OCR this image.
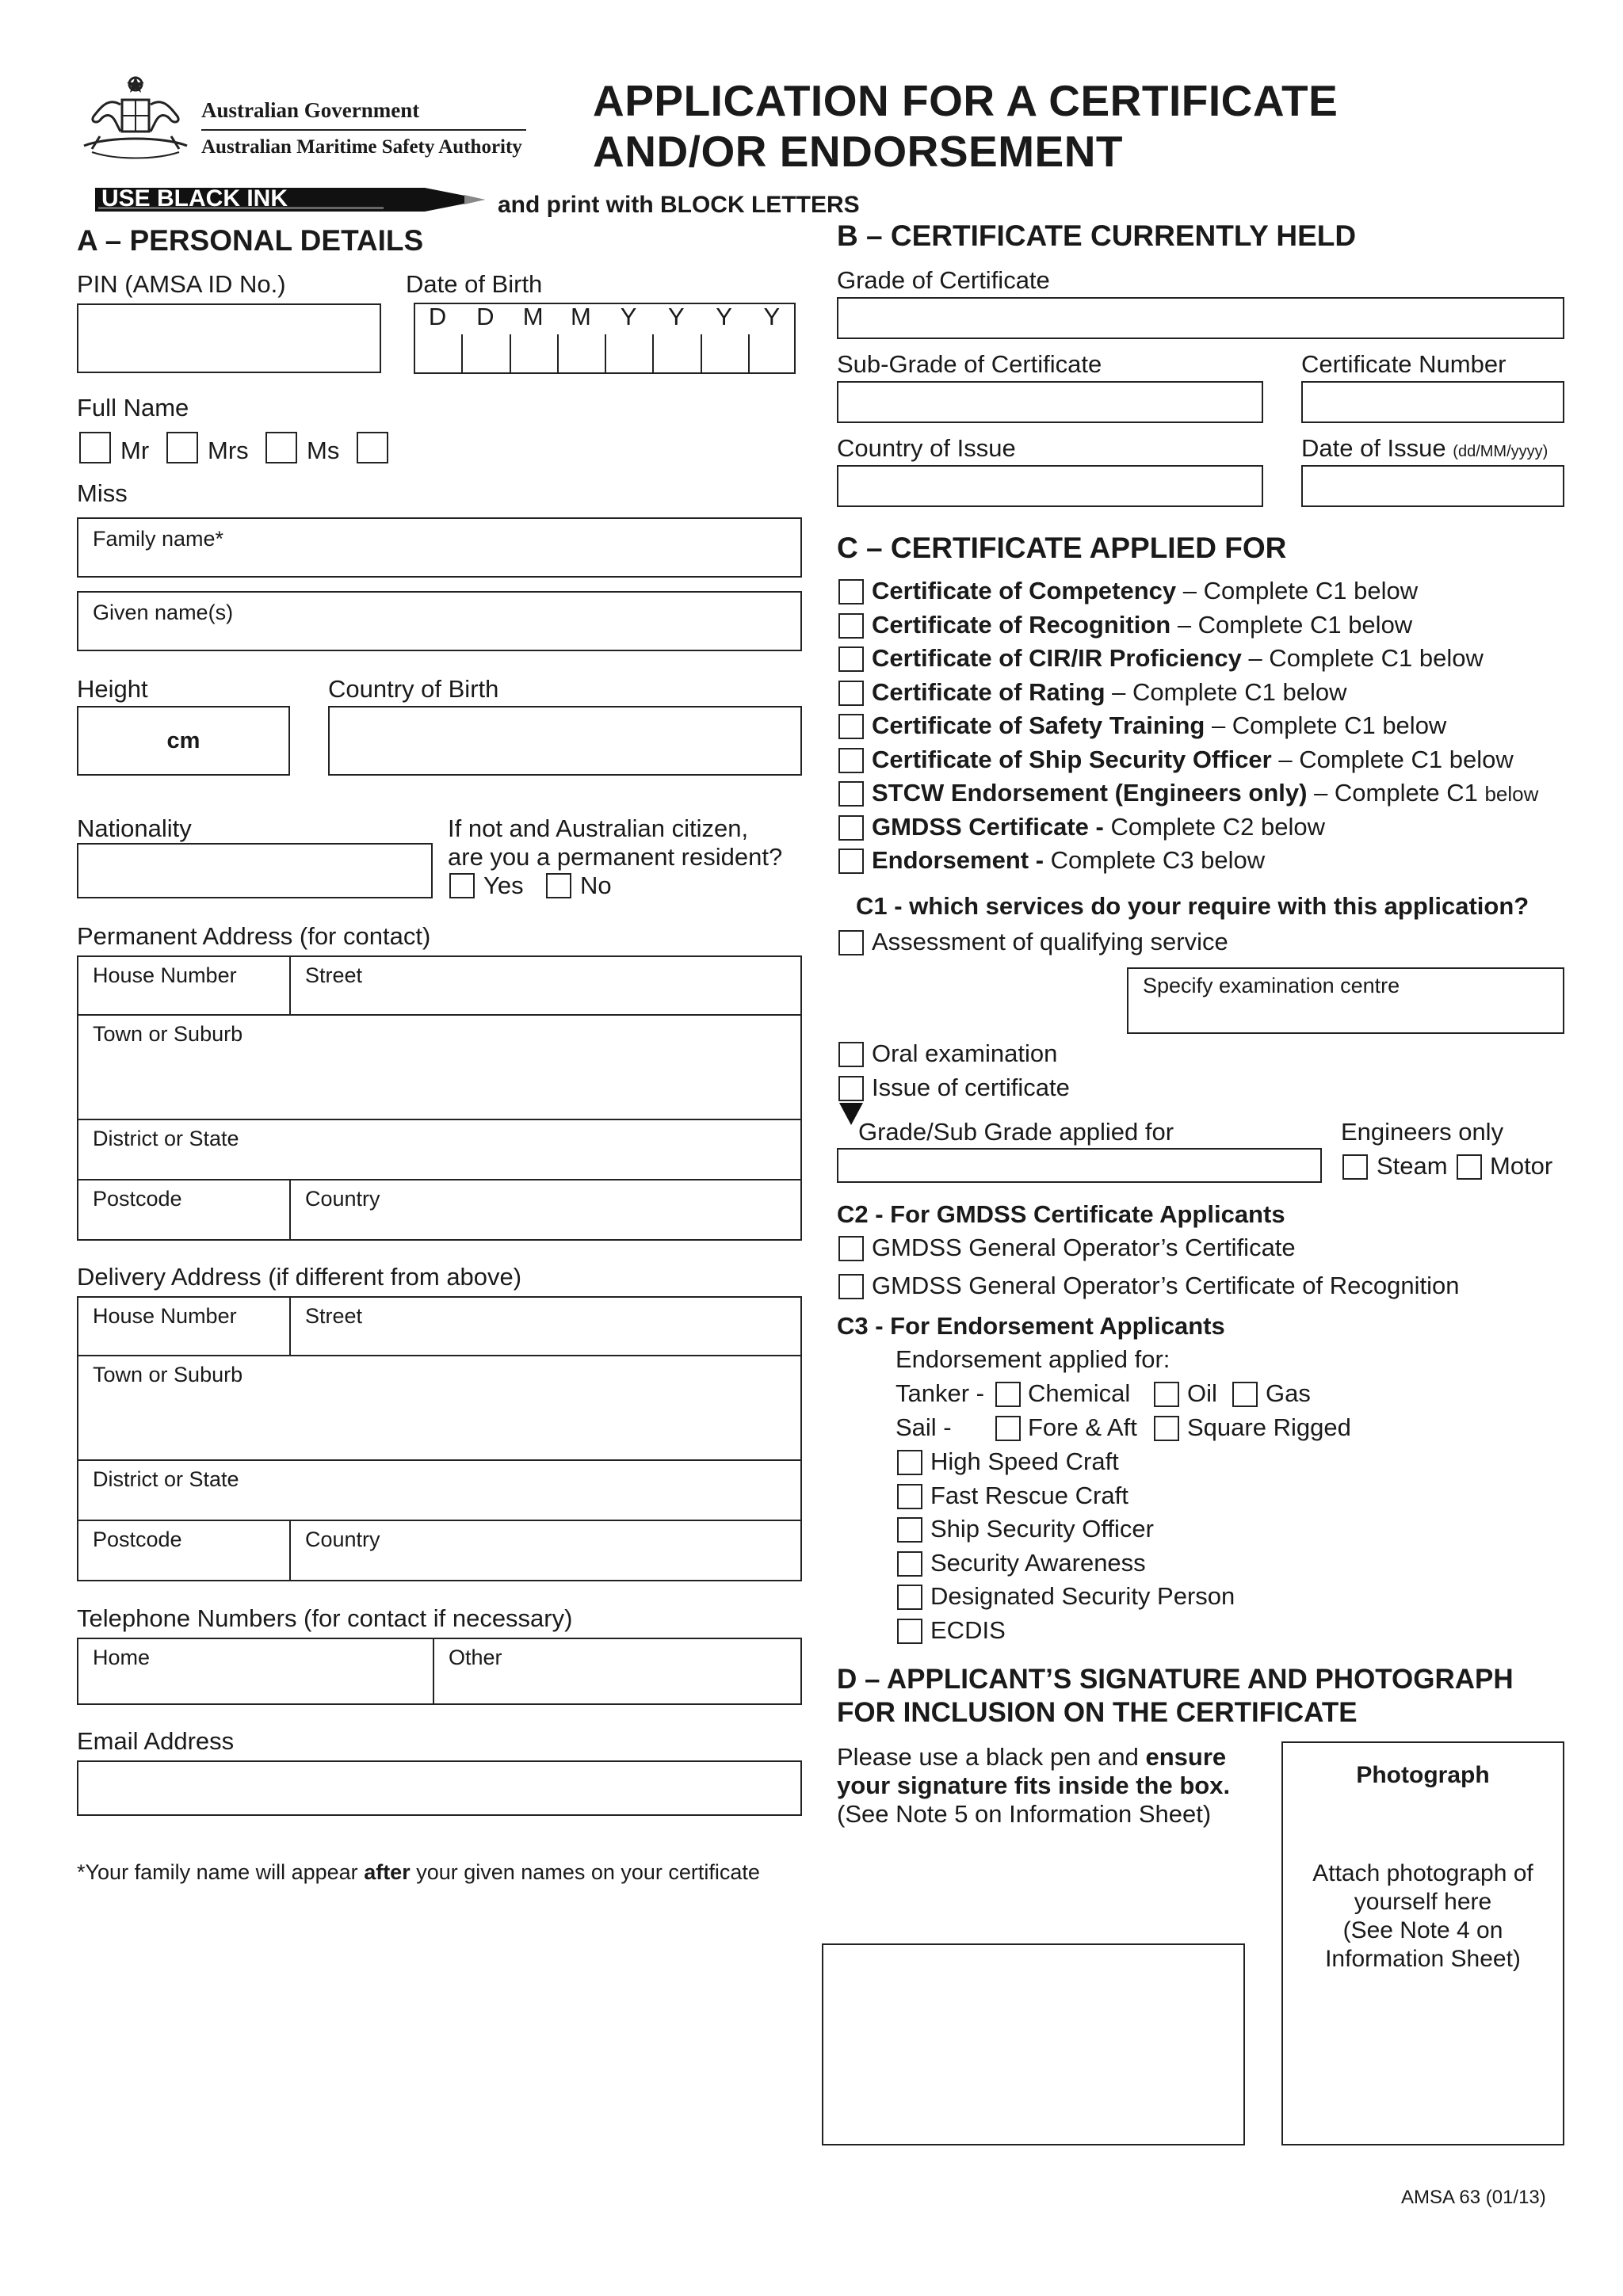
Australian Government
Australian Maritime Safety Authority
APPLICATION FOR A CERTIFICATE
AND/OR ENDORSEMENT
USE BLACK INK	and print with BLOCK LETTERS
A – PERSONAL DETAILS
PIN (AMSA ID No.)	Date of Birth
D	D	M	M	Y	Y	Y	Y
Full Name
Mr Mrs Ms
Miss
Family name*
Given name(s)
Height
cm
Country of Birth
Nationality	If not and Australian citizen,
are you a permanent resident?
Yes No
Permanent Address (for contact)
House Number	Street
Town or Suburb
District or State
Postcode	Country
Delivery Address (if different from above)
House Number	Street
Town or Suburb
District or State
Postcode	Country
Telephone Numbers (for contact if necessary)
Home	Other
Email Address
*Your family name will appear after your given names on your certificate
B – CERTIFICATE CURRENTLY HELD
Grade of Certificate
Sub-Grade of Certificate	Certificate Number
Country of Issue	Date of Issue (dd/MM/yyyy)
C – CERTIFICATE APPLIED FOR
Certificate of Competency – Complete C1 below
Certificate of Recognition – Complete C1 below
Certificate of CIR/IR Proficiency – Complete C1 below
Certificate of Rating – Complete C1 below
Certificate of Safety Training – Complete C1 below
Certificate of Ship Security Officer – Complete C1 below
STCW Endorsement (Engineers only) – Complete C1 below
GMDSS Certificate - Complete C2 below
Endorsement - Complete C3 below
C1 - which services do your require with this application?
Assessment of qualifying service
Specify examination centre
Oral examination
Issue of certificate
Grade/Sub Grade applied for	Engineers only
Steam Motor
C2 - For GMDSS Certificate Applicants
GMDSS General Operator’s Certificate
GMDSS General Operator’s Certificate of Recognition
C3 - For Endorsement Applicants
Endorsement applied for:
Tanker - Chemical Oil Gas
Sail -	Fore & Aft Square Rigged
High Speed Craft
Fast Rescue Craft
Ship Security Officer
Security Awareness
Designated Security Person
ECDIS
D – APPLICANT’S SIGNATURE AND PHOTOGRAPH
FOR INCLUSION ON THE CERTIFICATE
Please use a black pen and ensure
your signature fits inside the box.
(See Note 5 on Information Sheet)
Photograph
Attach photograph of
yourself here
(See Note 4 on
Information Sheet)
AMSA 63 (01/13)
